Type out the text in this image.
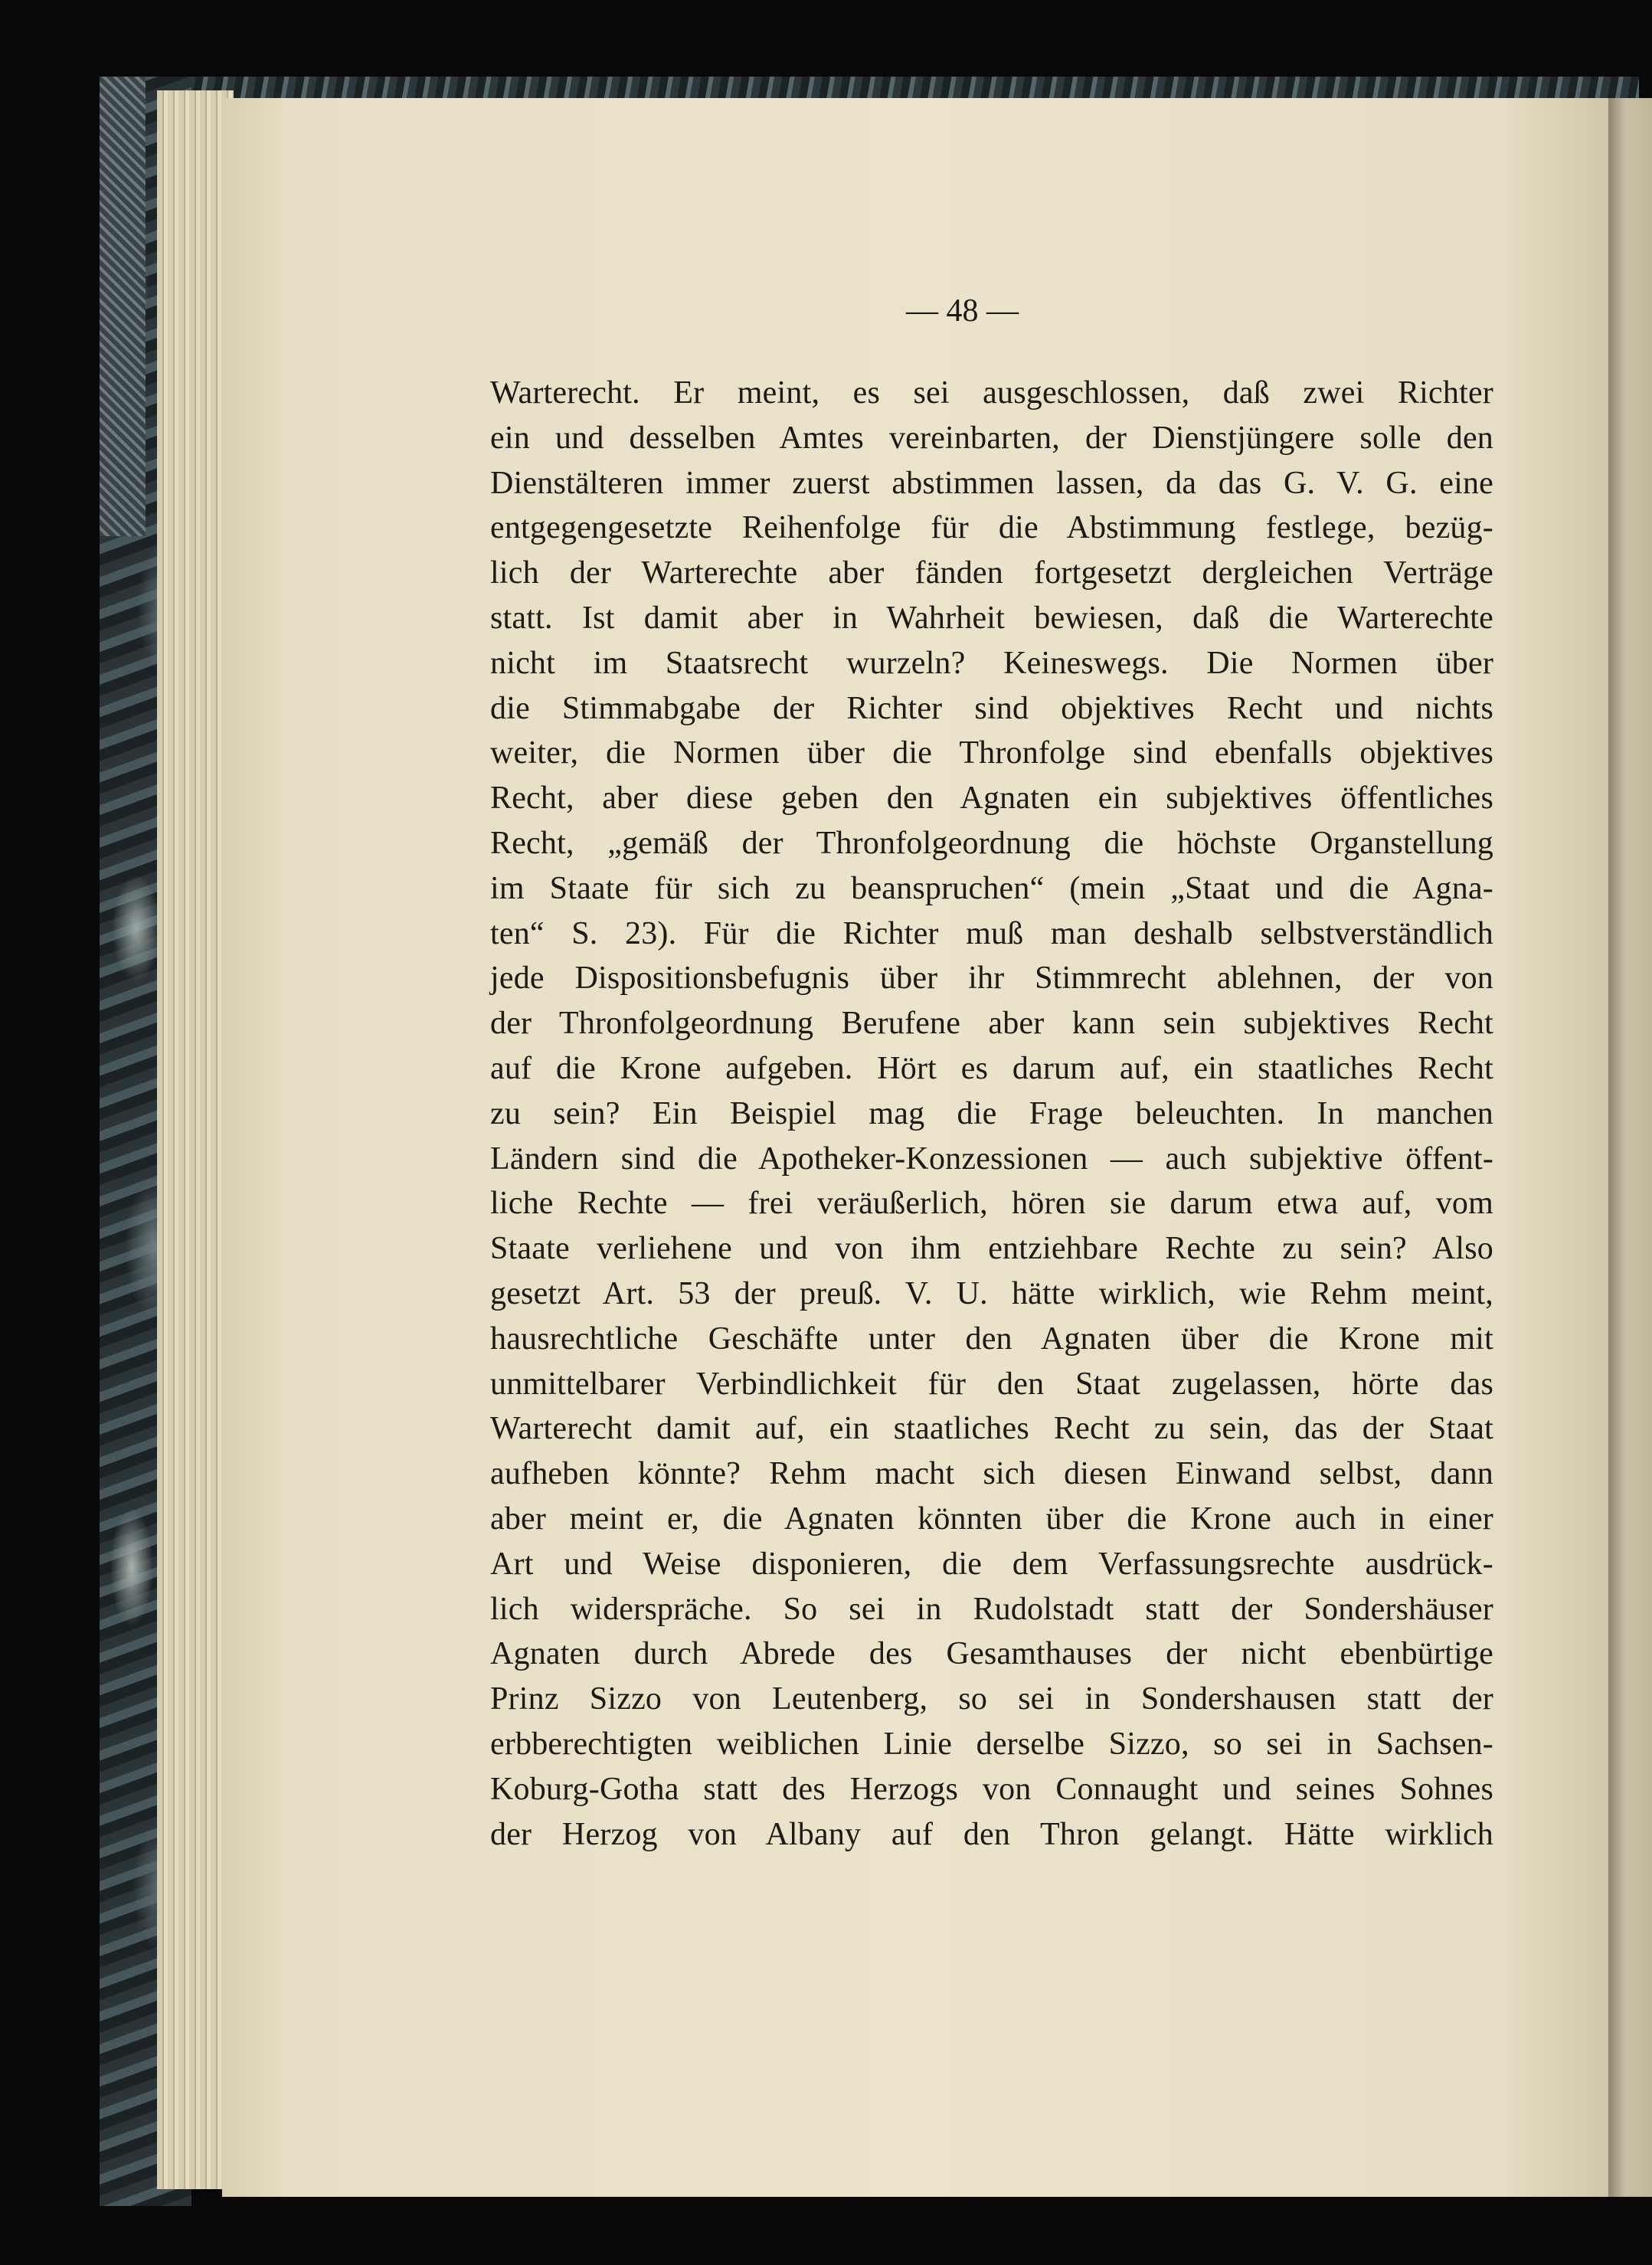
— 48 —
Warterecht. Er meint, es sei ausgeschlossen, daß zwei Richter
ein und desselben Amtes vereinbarten, der Dienstjüngere solle den
Dienstälteren immer zuerst abstimmen lassen, da das G. V. G. eine
entgegengesetzte Reihenfolge für die Abstimmung festlege, bezüg-
lich der Warterechte aber fänden fortgesetzt dergleichen Verträge
statt. Ist damit aber in Wahrheit bewiesen, daß die Warterechte
nicht im Staatsrecht wurzeln? Keineswegs. Die Normen über
die Stimmabgabe der Richter sind objektives Recht und nichts
weiter, die Normen über die Thronfolge sind ebenfalls objektives
Recht, aber diese geben den Agnaten ein subjektives öffentliches
Recht, „gemäß der Thronfolgeordnung die höchste Organstellung
im Staate für sich zu beanspruchen“ (mein „Staat und die Agna-
ten“ S. 23). Für die Richter muß man deshalb selbstverständlich
jede Dispositionsbefugnis über ihr Stimmrecht ablehnen, der von
der Thronfolgeordnung Berufene aber kann sein subjektives Recht
auf die Krone aufgeben. Hört es darum auf, ein staatliches Recht
zu sein? Ein Beispiel mag die Frage beleuchten. In manchen
Ländern sind die Apotheker-Konzessionen — auch subjektive öffent-
liche Rechte — frei veräußerlich, hören sie darum etwa auf, vom
Staate verliehene und von ihm entziehbare Rechte zu sein? Also
gesetzt Art. 53 der preuß. V. U. hätte wirklich, wie Rehm meint,
hausrechtliche Geschäfte unter den Agnaten über die Krone mit
unmittelbarer Verbindlichkeit für den Staat zugelassen, hörte das
Warterecht damit auf, ein staatliches Recht zu sein, das der Staat
aufheben könnte? Rehm macht sich diesen Einwand selbst, dann
aber meint er, die Agnaten könnten über die Krone auch in einer
Art und Weise disponieren, die dem Verfassungsrechte ausdrück-
lich widerspräche. So sei in Rudolstadt statt der Sondershäuser
Agnaten durch Abrede des Gesamthauses der nicht ebenbürtige
Prinz Sizzo von Leutenberg, so sei in Sondershausen statt der
erbberechtigten weiblichen Linie derselbe Sizzo, so sei in Sachsen-
Koburg-Gotha statt des Herzogs von Connaught und seines Sohnes
der Herzog von Albany auf den Thron gelangt. Hätte wirklich
